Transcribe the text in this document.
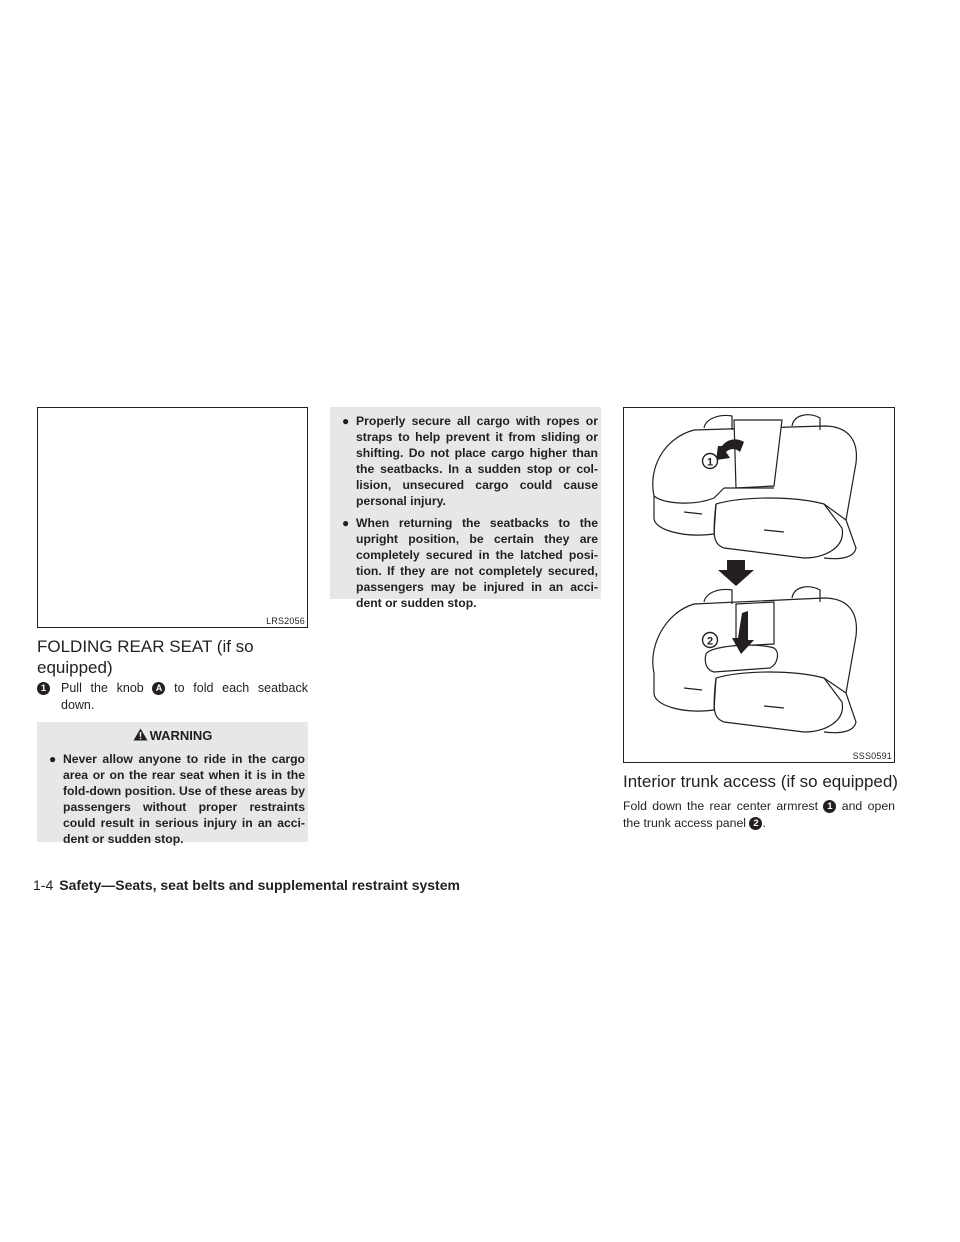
LRS2056
FOLDING REAR SEAT (if so equipped)
1 Pull the knob A to fold each seatback down.
WARNING
● Never allow anyone to ride in the cargo area or on the rear seat when it is in the fold-down position. Use of these areas by passengers without proper restraints could result in serious injury in an acci-dent or sudden stop.
● Properly secure all cargo with ropes or straps to help prevent it from sliding or shifting. Do not place cargo higher than the seatbacks. In a sudden stop or col-lision, unsecured cargo could cause personal injury.
● When returning the seatbacks to the upright position, be certain they are completely secured in the latched posi-tion. If they are not completely secured, passengers may be injured in an acci-dent or sudden stop.
1
2
SSS0591
Interior trunk access (if so equipped)
Fold down the rear center armrest 1 and open the trunk access panel 2 .
1-4 Safety—Seats, seat belts and supplemental restraint system
